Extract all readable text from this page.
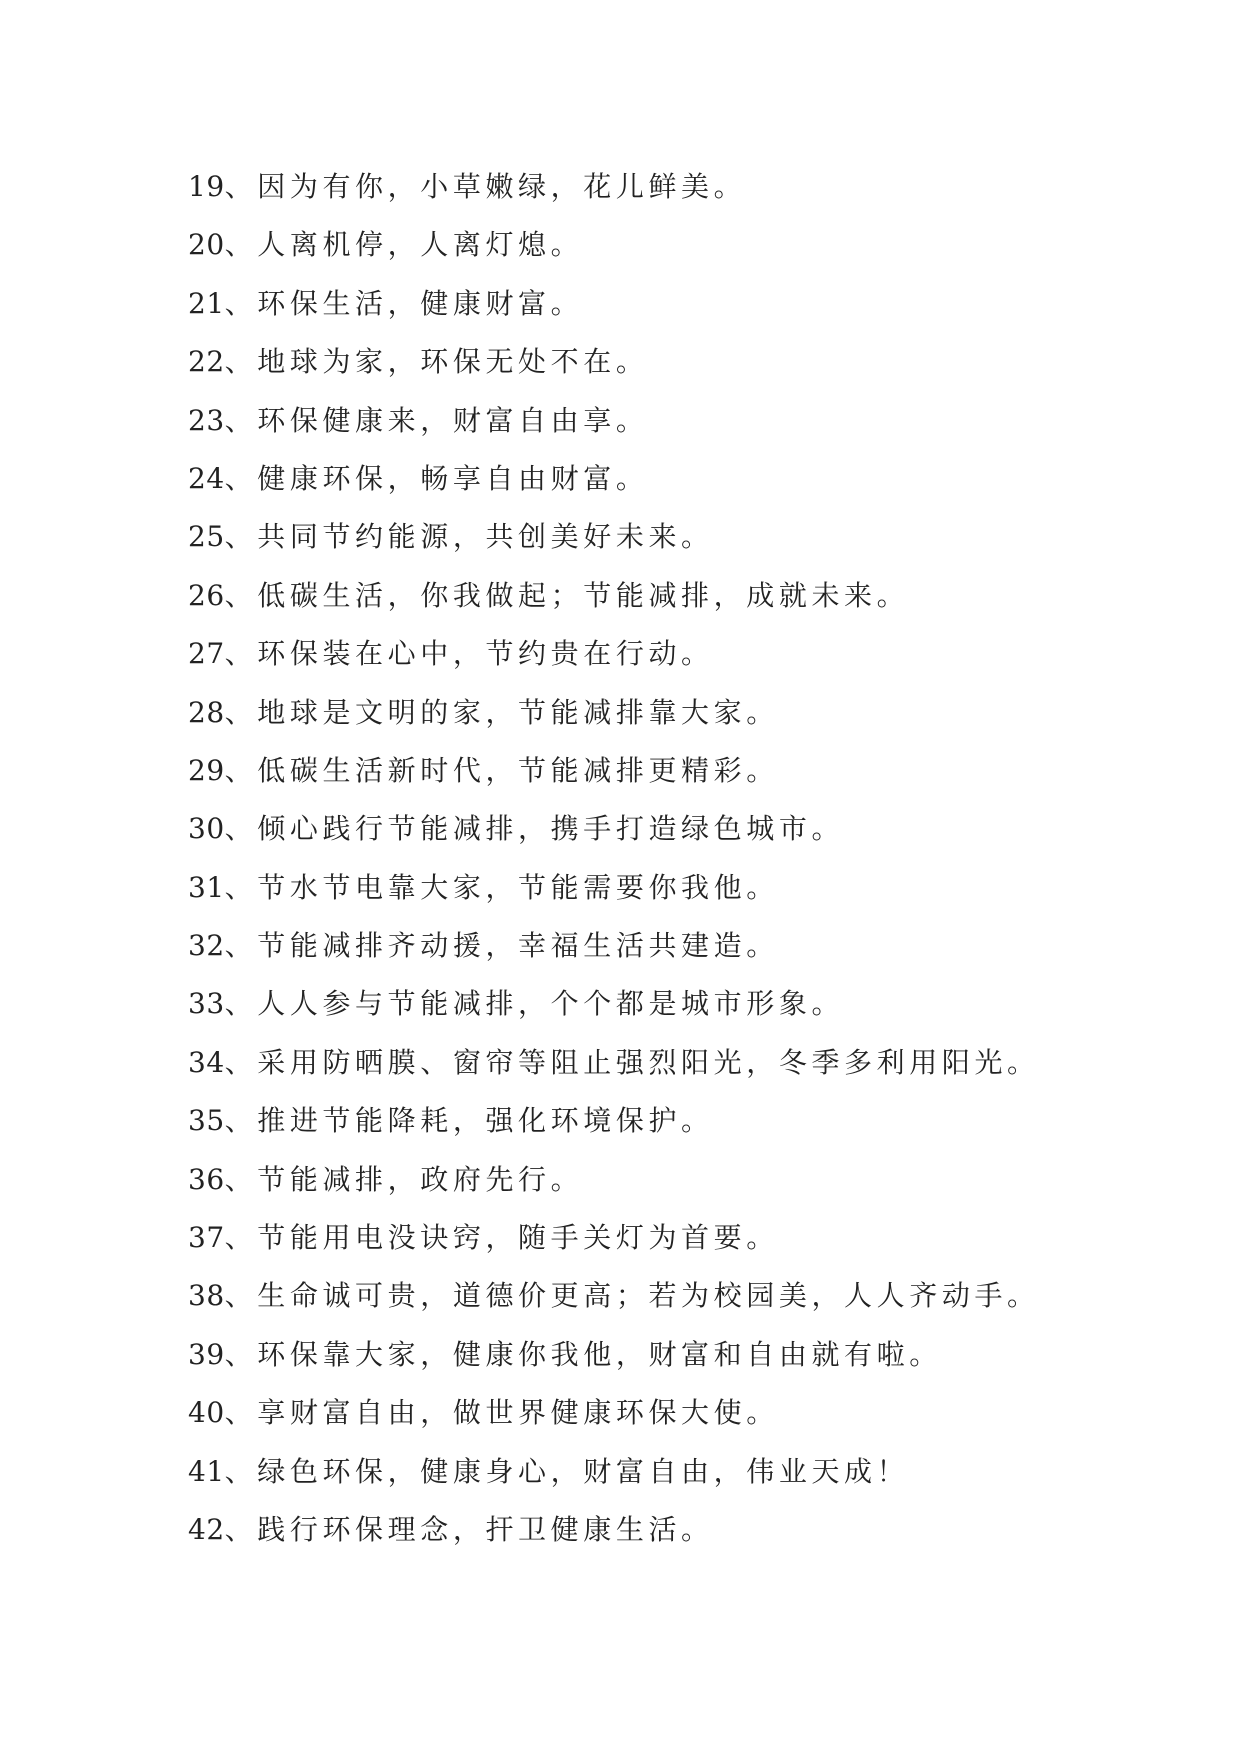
19、因为有你，小草嫩绿，花儿鲜美。
20、人离机停，人离灯熄。
21、环保生活，健康财富。
22、地球为家，环保无处不在。
23、环保健康来，财富自由享。
24、健康环保，畅享自由财富。
25、共同节约能源，共创美好未来。
26、低碳生活，你我做起；节能减排，成就未来。
27、环保装在心中，节约贵在行动。
28、地球是文明的家，节能减排靠大家。
29、低碳生活新时代，节能减排更精彩。
30、倾心践行节能减排，携手打造绿色城市。
31、节水节电靠大家，节能需要你我他。
32、节能减排齐动援，幸福生活共建造。
33、人人参与节能减排，个个都是城市形象。
34、采用防晒膜、窗帘等阻止强烈阳光，冬季多利用阳光。
35、推进节能降耗，强化环境保护。
36、节能减排，政府先行。
37、节能用电没诀窍，随手关灯为首要。
38、生命诚可贵，道德价更高；若为校园美，人人齐动手。
39、环保靠大家，健康你我他，财富和自由就有啦。
40、享财富自由，做世界健康环保大使。
41、绿色环保，健康身心，财富自由，伟业天成！
42、践行环保理念，扞卫健康生活。
